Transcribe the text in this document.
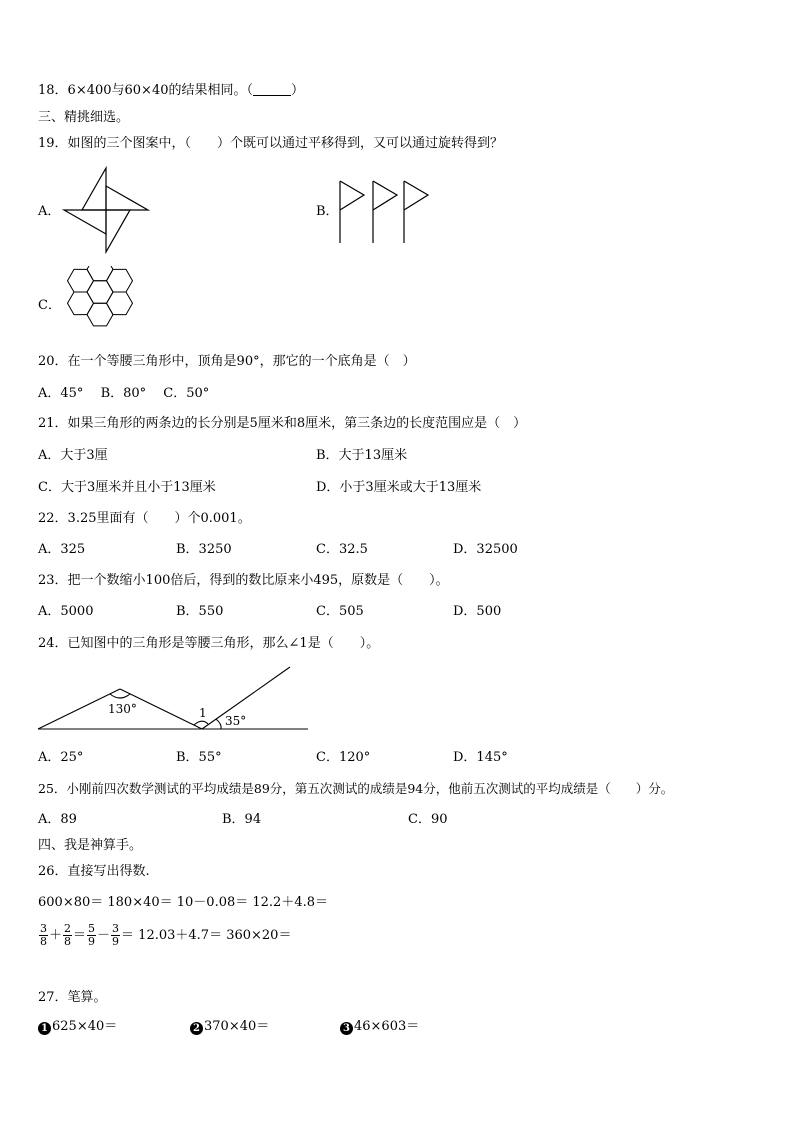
18．6×400与60×40的结果相同。（	）
三、精挑细选。
19．如图的三个图案中，（　　）个既可以通过平移得到，又可以通过旋转得到？
A．	B．
C．
20．在一个等腰三角形中，顶角是90°，那它的一个底角是（　）
A．45°　 B．80°　 C．50°
21．如果三角形的两条边的长分别是5厘米和8厘米，第三条边的长度范围应是（　）
A．大于3厘	B．大于13厘米
C．大于3厘米并且小于13厘米	D．小于3厘米或大于13厘米
22．3.25里面有（　　）个0.001。
A．325	B．3250	C．32.5	D．32500
23．把一个数缩小100倍后，得到的数比原来小495，原数是（　　）。
A．5000	B．550	C．505	D．500
24．已知图中的三角形是等腰三角形，那么∠1是（　　）。
130°	1
35°
A．25°	B．55°	C．120°	D．145°
25．小刚前四次数学测试的平均成绩是89分，第五次测试的成绩是94分，他前五次测试的平均成绩是（　　）分。
A．89	B．94	C．90
四、我是神算手。
26．直接写出得数.
600×80＝ 180×40＝ 10－0.08＝ 12.2＋4.8＝
$\frac{3}{8} + \frac{2}{8} = \frac{5}{9} - \frac{3}{9} = 12.03+4.7= 360\times 20=$
27．笔算。
1 625×40＝	2 370×40＝	3 46×603＝
